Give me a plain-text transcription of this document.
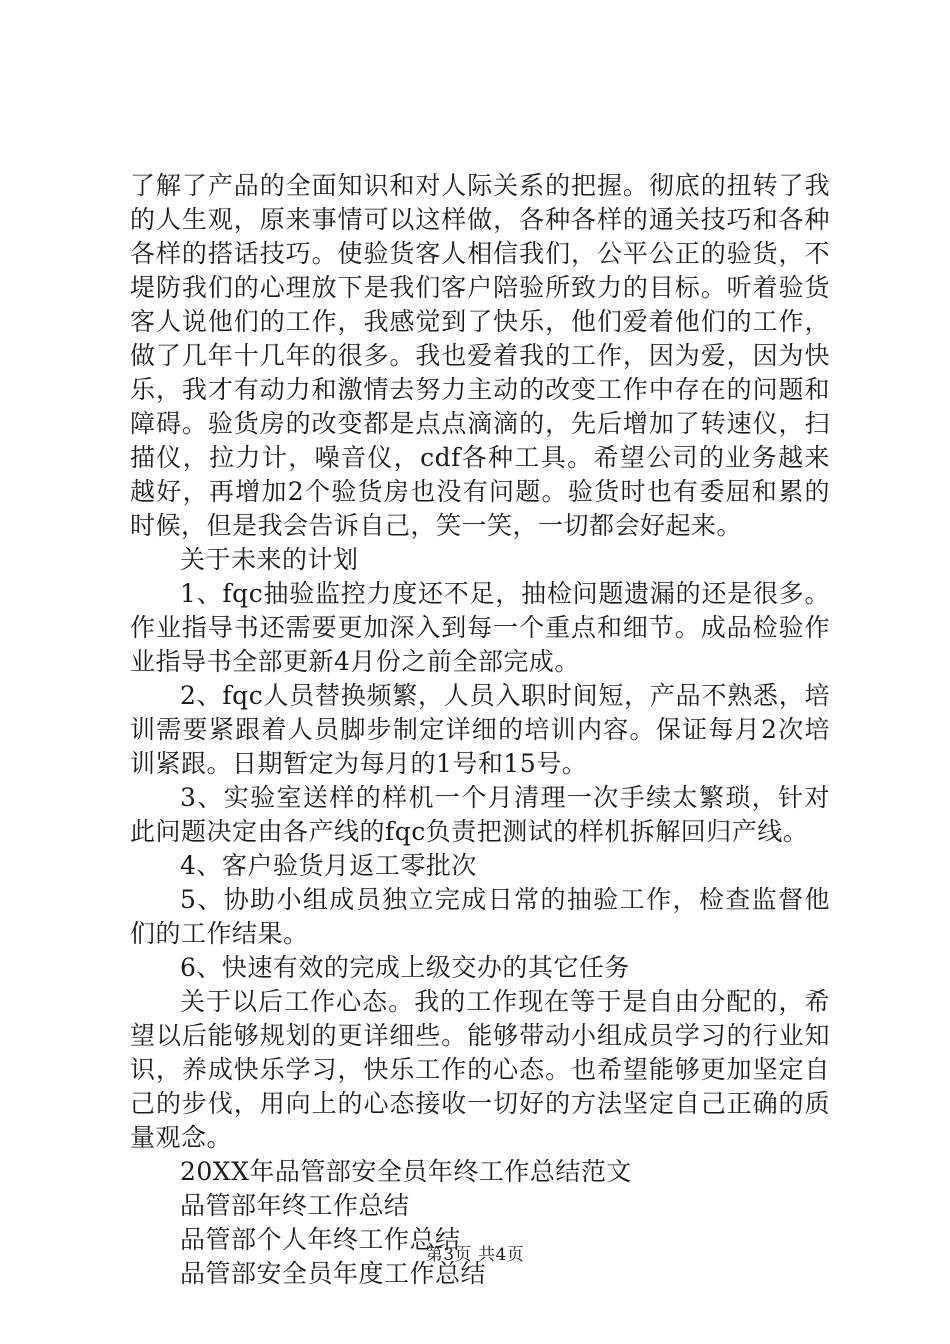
了解了产品的全面知识和对人际关系的把握。彻底的扭转了我的人生观，原来事情可以这样做，各种各样的通关技巧和各种各样的搭话技巧。使验货客人相信我们，公平公正的验货，不堤防我们的心理放下是我们客户陪验所致力的目标。听着验货客人说他们的工作，我感觉到了快乐，他们爱着他们的工作，做了几年十几年的很多。我也爱着我的工作，因为爱，因为快乐，我才有动力和激情去努力主动的改变工作中存在的问题和障碍。验货房的改变都是点点滴滴的，先后增加了转速仪，扫描仪，拉力计，噪音仪，cdf各种工具。希望公司的业务越来越好，再增加2个验货房也没有问题。验货时也有委屈和累的时候，但是我会告诉自己，笑一笑，一切都会好起来。

关于未来的计划

1、fqc抽验监控力度还不足，抽检问题遗漏的还是很多。作业指导书还需要更加深入到每一个重点和细节。成品检验作业指导书全部更新4月份之前全部完成。

2、fqc人员替换频繁，人员入职时间短，产品不熟悉，培训需要紧跟着人员脚步制定详细的培训内容。保证每月2次培训紧跟。日期暂定为每月的1号和15号。

3、实验室送样的样机一个月清理一次手续太繁琐，针对此问题决定由各产线的fqc负责把测试的样机拆解回归产线。

4、客户验货月返工零批次

5、协助小组成员独立完成日常的抽验工作，检查监督他们的工作结果。

6、快速有效的完成上级交办的其它任务

关于以后工作心态。我的工作现在等于是自由分配的，希望以后能够规划的更详细些。能够带动小组成员学习的行业知识，养成快乐学习，快乐工作的心态。也希望能够更加坚定自己的步伐，用向上的心态接收一切好的方法坚定自己正确的质量观念。

20XX年品管部安全员年终工作总结范文

品管部年终工作总结

品管部个人年终工作总结

品管部安全员年度工作总结

第3页 共4页
